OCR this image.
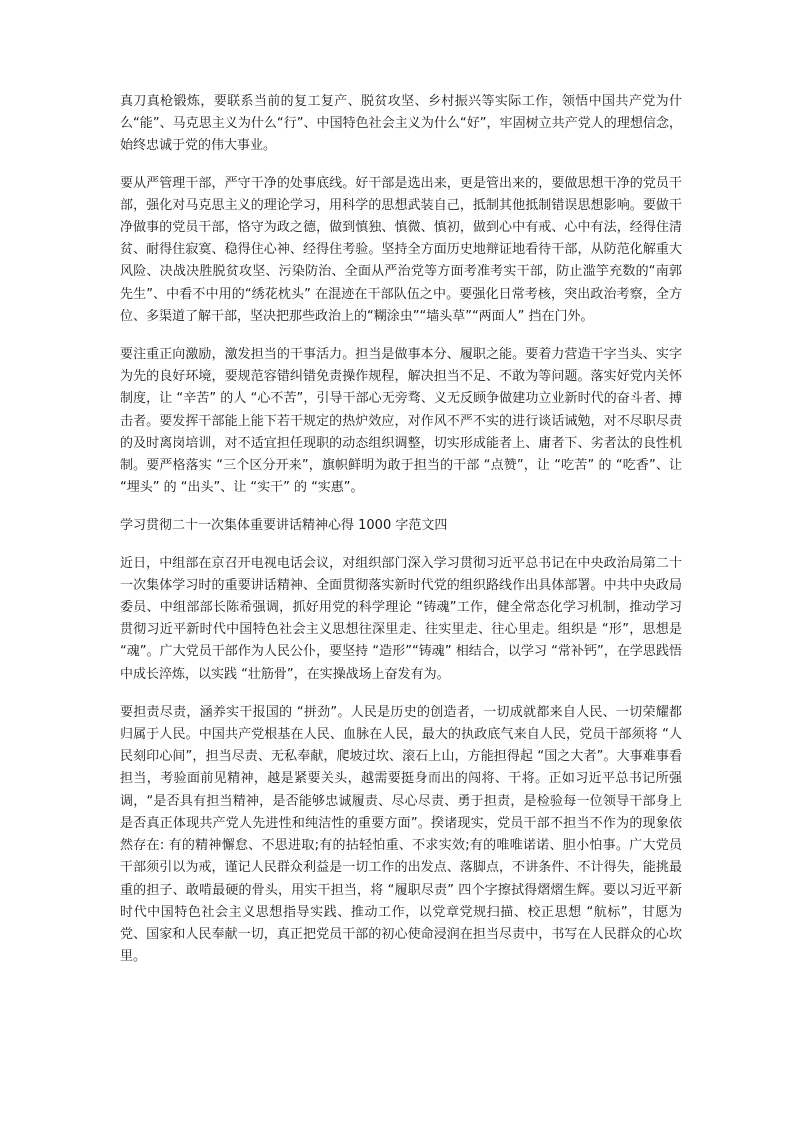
真刀真枪锻炼，要联系当前的复工复产、脱贫攻坚、乡村振兴等实际工作，领悟中国共产党为什么“能”、马克思主义为什么“行”、中国特色社会主义为什么“好”，牢固树立共产党人的理想信念，始终忠诚于党的伟大事业。

要从严管理干部，严守干净的处事底线。好干部是选出来，更是管出来的，要做思想干净的党员干部，强化对马克思主义的理论学习，用科学的思想武装自己，抵制其他抵制错误思想影响。要做干净做事的党员干部，恪守为政之德，做到慎独、慎微、慎初，做到心中有戒、心中有法，经得住清贫、耐得住寂寞、稳得住心神、经得住考验。坚持全方面历史地辩证地看待干部，从防范化解重大风险、决战决胜脱贫攻坚、污染防治、全面从严治党等方面考准考实干部，防止滥竽充数的“南郭先生”、中看不中用的“绣花枕头” 在混迹在干部队伍之中。要强化日常考核，突出政治考察，全方位、多渠道了解干部，坚决把那些政治上的“糊涂虫”“墙头草”“两面人” 挡在门外。

要注重正向激励，激发担当的干事活力。担当是做事本分、履职之能。要着力营造干字当头、实字为先的良好环境，要规范容错纠错免责操作规程，解决担当不足、不敢为等问题。落实好党内关怀制度，让 “辛苦” 的人 “心不苦”，引导干部心无旁骛、义无反顾争做建功立业新时代的奋斗者、搏击者。要发挥干部能上能下若干规定的热炉效应，对作风不严不实的进行谈话诫勉，对不尽职尽责的及时离岗培训，对不适宜担任现职的动态组织调整，切实形成能者上、庸者下、劣者汰的良性机制。要严格落实 “三个区分开来”，旗帜鲜明为敢于担当的干部 “点赞”，让 “吃苦” 的 “吃香”、让 “埋头” 的 “出头”、让 “实干” 的 “实惠”。

学习贯彻二十一次集体重要讲话精神心得 1000 字范文四

近日，中组部在京召开电视电话会议，对组织部门深入学习贯彻习近平总书记在中央政治局第二十一次集体学习时的重要讲话精神、全面贯彻落实新时代党的组织路线作出具体部署。中共中央政局委员、中组部部长陈希强调，抓好用党的科学理论 “铸魂”工作，健全常态化学习机制，推动学习贯彻习近平新时代中国特色社会主义思想往深里走、往实里走、往心里走。组织是 “形”，思想是 “魂”。广大党员干部作为人民公仆，要坚持 “造形”“铸魂” 相结合，以学习 “常补钙”，在学思践悟中成长淬炼，以实践 “壮筋骨”，在实操战场上奋发有为。

要担责尽责，涵养实干报国的 “拼劲”。人民是历史的创造者，一切成就都来自人民、一切荣耀都归属于人民。中国共产党根基在人民、血脉在人民，最大的执政底气来自人民，党员干部须将 “人民刻印心间”，担当尽责、无私奉献，爬坡过坎、滚石上山，方能担得起 “国之大者”。大事难事看担当，考验面前见精神，越是紧要关头，越需要挺身而出的闯将、干将。正如习近平总书记所强调，“是否具有担当精神，是否能够忠诚履责、尽心尽责、勇于担责，是检验每一位领导干部身上是否真正体现共产党人先进性和纯洁性的重要方面”。揆诸现实，党员干部不担当不作为的现象依然存在: 有的精神懈怠、不思进取;有的拈轻怕重、不求实效;有的唯唯诺诺、胆小怕事。广大党员干部须引以为戒，谨记人民群众利益是一切工作的出发点、落脚点，不讲条件、不计得失，能挑最重的担子、敢啃最硬的骨头，用实干担当，将 “履职尽责” 四个字擦拭得熠熠生辉。要以习近平新时代中国特色社会主义思想指导实践、推动工作，以党章党规扫描、校正思想 “航标”，甘愿为党、国家和人民奉献一切，真正把党员干部的初心使命浸润在担当尽责中，书写在人民群众的心坎里。
